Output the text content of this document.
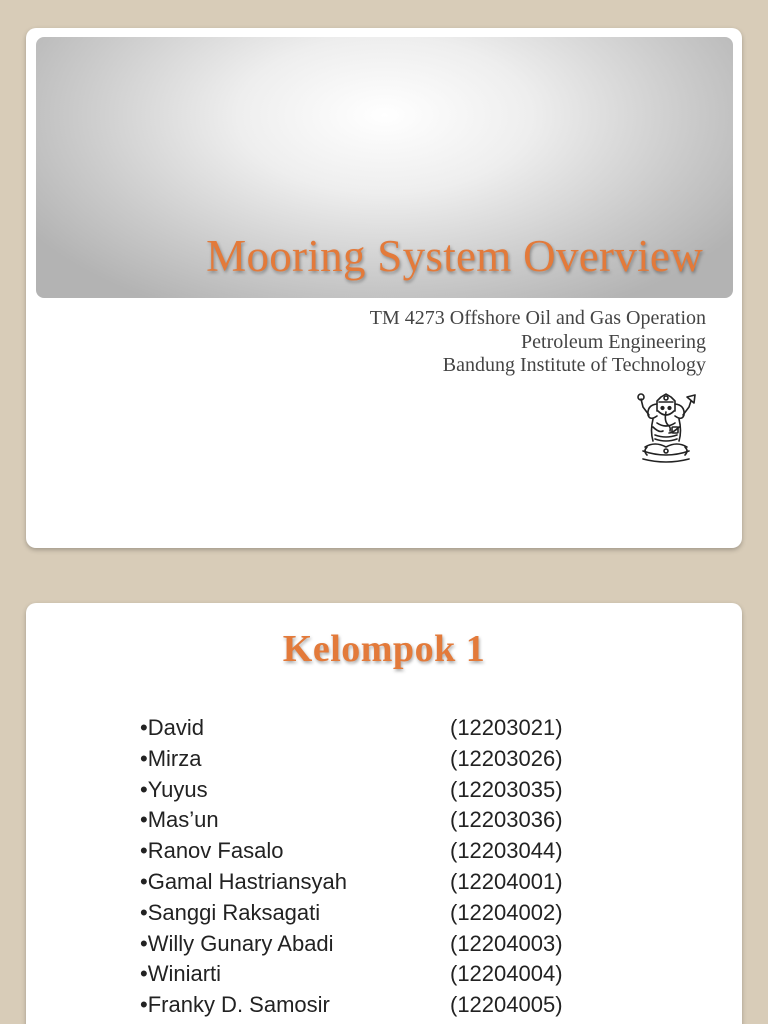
Mooring System Overview
TM 4273 Offshore Oil and Gas Operation
Petroleum Engineering
Bandung Institute of Technology
Kelompok 1
•David	(12203021)
•Mirza	(12203026)
•Yuyus	(12203035)
•Mas’un	(12203036)
•Ranov Fasalo	(12203044)
•Gamal Hastriansyah	(12204001)
•Sanggi Raksagati	(12204002)
•Willy Gunary Abadi	(12204003)
•Winiarti	(12204004)
•Franky D. Samosir	(12204005)
